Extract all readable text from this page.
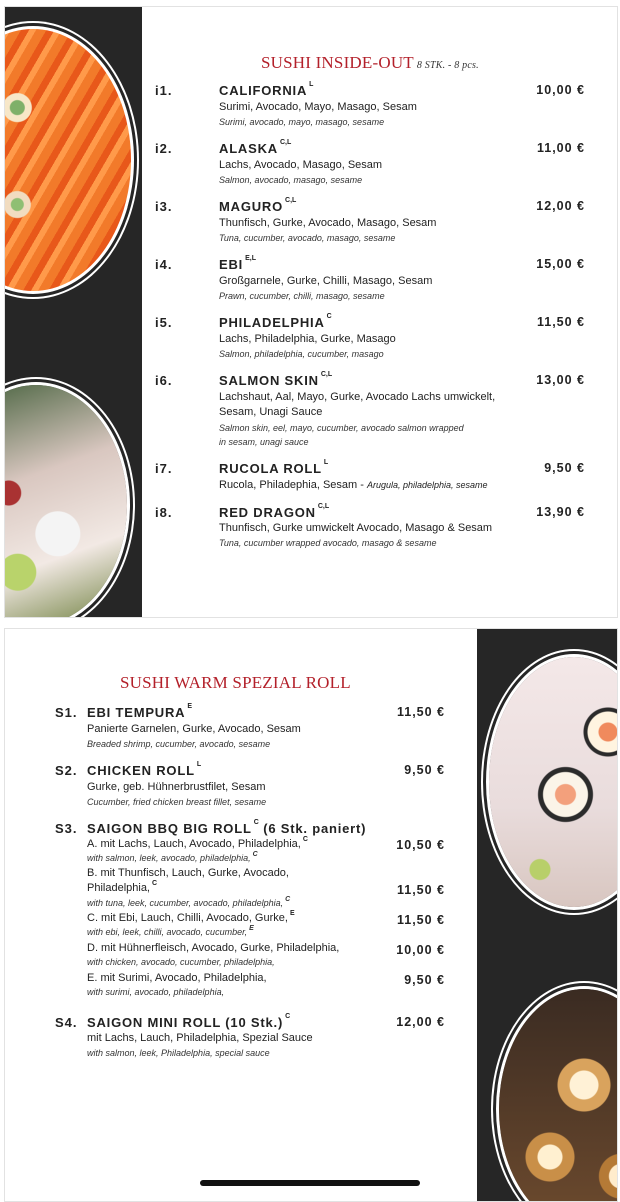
SUSHI INSIDE-OUT 8 STK. - 8 pcs.
i1.	CALIFORNIA $^L$	10,00 €
Surimi, Avocado, Mayo, Masago, Sesam
Surimi, avocado, mayo, masago, sesame
i2.	ALASKA $^{C,L}$	11,00 €
Lachs, Avocado, Masago, Sesam
Salmon, avocado, masago, sesame
i3.	MAGURO $^{C,L}$	12,00 €
Thunfisch, Gurke, Avocado, Masago, Sesam
Tuna, cucumber, avocado, masago, sesame
i4.	EBI $^{E,L}$	15,00 €
Großgarnele, Gurke, Chilli, Masago, Sesam
Prawn, cucumber, chilli, masago, sesame
i5.	PHILADELPHIA $^C$	11,50 €
Lachs, Philadelphia, Gurke, Masago
Salmon, philadelphia, cucumber, masago
i6.	SALMON SKIN $^{C,L}$	13,00 €
Lachshaut, Aal, Mayo, Gurke, Avocado Lachs umwickelt,
Sesam, Unagi Sauce
Salmon skin, eel, mayo, cucumber, avocado salmon wrapped
in sesam, unagi sauce
i7.	RUCOLA ROLL $^L$	9,50 €
Rucola, Philadephia, Sesam - Arugula, philadelphia, sesame
i8.	RED DRAGON $^{C,L}$	13,90 €
Thunfisch, Gurke umwickelt Avocado, Masago & Sesam
Tuna, cucumber wrapped avocado, masago & sesame
SUSHI WARM SPEZIAL ROLL
S1. EBI TEMPURA $^E$	11,50 €
Panierte Garnelen, Gurke, Avocado, Sesam
Breaded shrimp, cucumber, avocado, sesame
S2. CHICKEN ROLL $^L$	9,50 €
Gurke, geb. Hühnerbrustfilet, Sesam
Cucumber, fried chicken breast fillet, sesame
S3. SAIGON BBQ BIG ROLL $^C$ (6 Stk. paniert)
A. mit Lachs, Lauch, Avocado, Philadelphia, $^C$	10,50 €
with salmon, leek, avocado, philadelphia, $^C$
B. mit Thunfisch, Lauch, Gurke, Avocado,
Philadelphia, $^C$	11,50 €
with tuna, leek, cucumber, avocado, philadelphia, $^C$
C. mit Ebi, Lauch, Chilli, Avocado, Gurke, $^E$	11,50 €
with ebi, leek, chilli, avocado, cucumber, $^E$
D. mit Hühnerfleisch, Avocado, Gurke, Philadelphia,	10,00 €
with chicken, avocado, cucumber, philadelphia,
E. mit Surimi, Avocado, Philadelphia,	9,50 €
with surimi, avocado, philadelphia,
S4. SAIGON MINI ROLL (10 Stk.) $^C$	12,00 €
mit Lachs, Lauch, Philadelphia, Spezial Sauce
with salmon, leek, Philadelphia, special sauce
